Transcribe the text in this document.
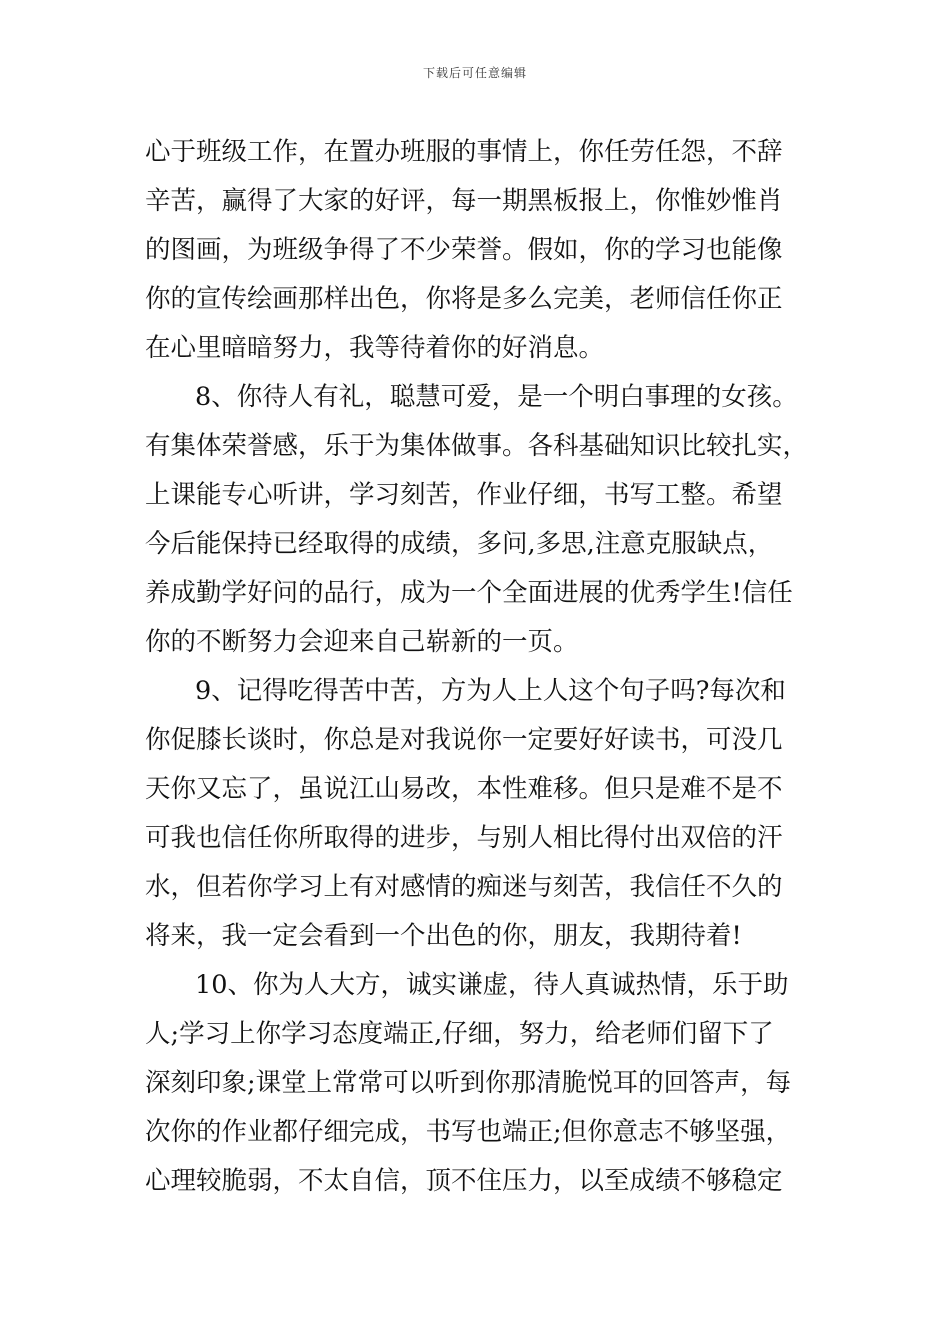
下载后可任意编辑
心于班级工作，在置办班服的事情上，你任劳任怨，不辞
辛苦，赢得了大家的好评，每一期黑板报上，你惟妙惟肖
的图画，为班级争得了不少荣誉。假如，你的学习也能像
你的宣传绘画那样出色，你将是多么完美，老师信任你正
在心里暗暗努力，我等待着你的好消息。
8、你待人有礼，聪慧可爱，是一个明白事理的女孩。
有集体荣誉感，乐于为集体做事。各科基础知识比较扎实，
上课能专心听讲，学习刻苦，作业仔细，书写工整。希望
今后能保持已经取得的成绩，多问,多思,注意克服缺点，
养成勤学好问的品行，成为一个全面进展的优秀学生!信任
你的不断努力会迎来自己崭新的一页。
9、记得吃得苦中苦，方为人上人这个句子吗?每次和
你促膝长谈时，你总是对我说你一定要好好读书，可没几
天你又忘了，虽说江山易改，本性难移。但只是难不是不
可我也信任你所取得的进步，与别人相比得付出双倍的汗
水，但若你学习上有对感情的痴迷与刻苦，我信任不久的
将来，我一定会看到一个出色的你，朋友，我期待着!
10、你为人大方，诚实谦虚，待人真诚热情，乐于助
人;学习上你学习态度端正,仔细，努力，给老师们留下了
深刻印象;课堂上常常可以听到你那清脆悦耳的回答声，每
次你的作业都仔细完成，书写也端正;但你意志不够坚强，
心理较脆弱，不太自信，顶不住压力，以至成绩不够稳定
